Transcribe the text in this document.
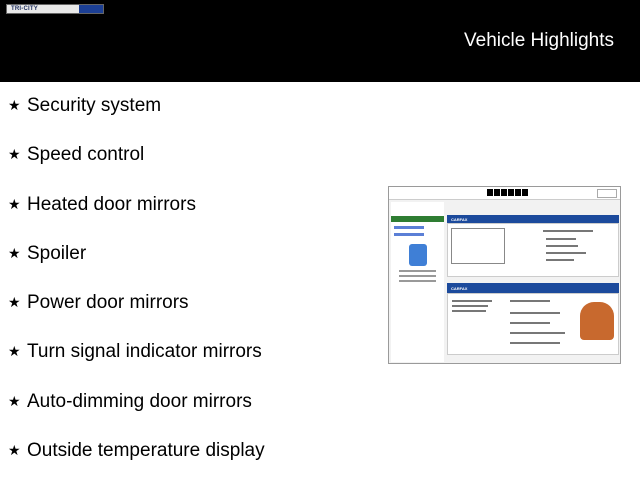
TRI-CITY
Vehicle Highlights
★ Security system
★ Speed control
★ Heated door mirrors
★ Spoiler
★ Power door mirrors
★ Turn signal indicator mirrors
★ Auto-dimming door mirrors
★ Outside temperature display
CARFAX
CARFAX
